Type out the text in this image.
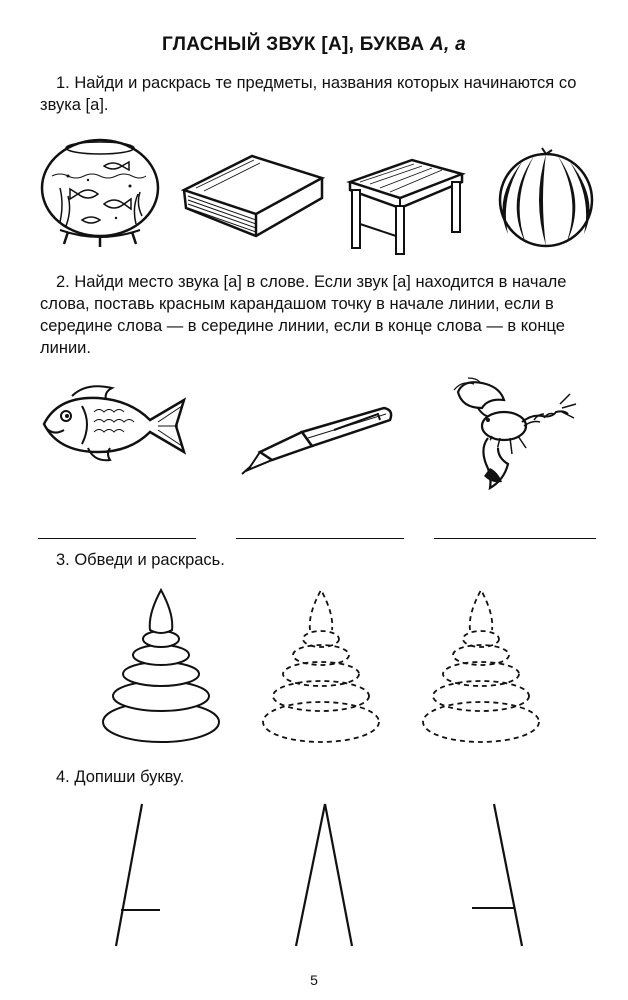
ГЛАСНЫЙ ЗВУК [А], БУКВА А, а
1. Найди и раскрась те предметы, названия которых начинаются со звука [а].
2. Найди место звука [а] в слове. Если звук [а] находится в начале слова, поставь красным карандашом точку в начале линии, если в середине слова — в середине линии, если в конце слова — в конце линии.
3. Обведи и раскрась.
4. Допиши букву.
5
